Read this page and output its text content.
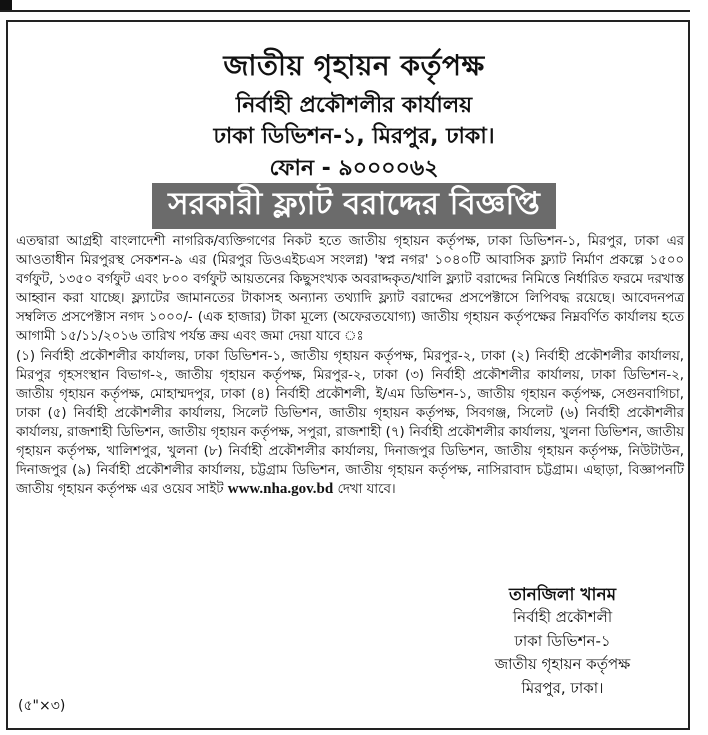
জাতীয় গৃহায়ন কর্তৃপক্ষ
নির্বাহী প্রকৌশলীর কার্যালয়
ঢাকা ডিভিশন-১, মিরপুর, ঢাকা।
ফোন - ৯০০০০৬২
সরকারী ফ্ল্যাট বরাদ্দের বিজ্ঞপ্তি

এতদ্বারা আগ্রহী বাংলাদেশী নাগরিক/ব্যক্তিগণের নিকট হতে জাতীয় গৃহায়ন কর্তৃপক্ষ, ঢাকা ডিভিশন-১, মিরপুর, ঢাকা এর আওতাধীন মিরপুরস্থ সেকশন-৯ এর (মিরপুর ডিওএইচএস সংলগ্ন) 'স্বপ্ন নগর' ১০৪০টি আবাসিক ফ্ল্যাট নির্মাণ প্রকল্পে ১৫০০ বর্গফুট, ১৩৫০ বর্গফুট এবং ৮০০ বর্গফুট আয়তনের কিছুসংখ্যক অবরাদ্দকৃত/খালি ফ্ল্যাট বরাদ্দের নিমিত্তে নির্ধারিত ফরমে দরখাস্ত আহ্বান করা যাচ্ছে। ফ্ল্যাটের জামানতের টাকাসহ অন্যান্য তথ্যাদি ফ্ল্যাট বরাদ্দের প্রসপেক্টাসে লিপিবদ্ধ রয়েছে। আবেদনপত্র সম্বলিত প্রসপেক্টাস নগদ ১০০০/- (এক হাজার) টাকা মূল্যে (অফেরতযোগ্য) জাতীয় গৃহায়ন কর্তৃপক্ষের নিম্নবর্ণিত কার্যালয় হতে আগামী ১৫/১১/২০১৬ তারিখ পর্যন্ত ক্রয় এবং জমা দেয়া যাবে ঃ

(১) নির্বাহী প্রকৌশলীর কার্যালয়, ঢাকা ডিভিশন-১, জাতীয় গৃহায়ন কর্তৃপক্ষ, মিরপুর-২, ঢাকা (২) নির্বাহী প্রকৌশলীর কার্যালয়, মিরপুর গৃহসংস্থান বিভাগ-২, জাতীয় গৃহায়ন কর্তৃপক্ষ, মিরপুর-২, ঢাকা (৩) নির্বাহী প্রকৌশলীর কার্যালয়, ঢাকা ডিভিশন-২, জাতীয় গৃহায়ন কর্তৃপক্ষ, মোহাম্মদপুর, ঢাকা (৪) নির্বাহী প্রকৌশলী, ই/এম ডিভিশন-১, জাতীয় গৃহায়ন কর্তৃপক্ষ, সেগুনবাগিচা, ঢাকা (৫) নির্বাহী প্রকৌশলীর কার্যালয়, সিলেট ডিভিশন, জাতীয় গৃহায়ন কর্তৃপক্ষ, সিবগঞ্জ, সিলেট (৬) নির্বাহী প্রকৌশলীর কার্যালয়, রাজশাহী ডিভিশন, জাতীয় গৃহায়ন কর্তৃপক্ষ, সপুরা, রাজশাহী (৭) নির্বাহী প্রকৌশলীর কার্যালয়, খুলনা ডিভিশন, জাতীয় গৃহায়ন কর্তৃপক্ষ, খালিশপুর, খুলনা (৮) নির্বাহী প্রকৌশলীর কার্যালয়, দিনাজপুর ডিভিশন, জাতীয় গৃহায়ন কর্তৃপক্ষ, নিউটাউন, দিনাজপুর (৯) নির্বাহী প্রকৌশলীর কার্যালয়, চট্টগ্রাম ডিভিশন, জাতীয় গৃহায়ন কর্তৃপক্ষ, নাসিরাবাদ চট্টগ্রাম। এছাড়া, বিজ্ঞাপনটি জাতীয় গৃহায়ন কর্তৃপক্ষ এর ওয়েব সাইট www.nha.gov.bd দেখা যাবে।

তানজিলা খানম
নির্বাহী প্রকৌশলী
ঢাকা ডিভিশন-১
জাতীয় গৃহায়ন কর্তৃপক্ষ
মিরপুর, ঢাকা।
(৫"×৩)
